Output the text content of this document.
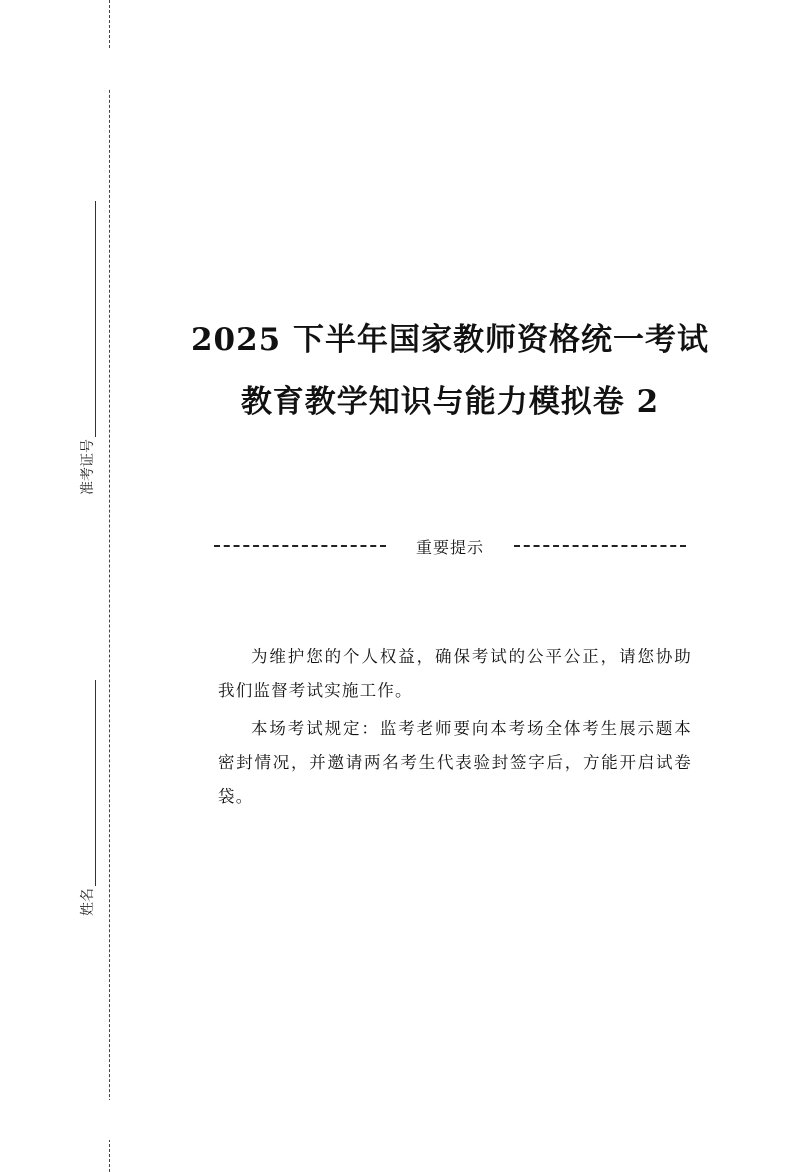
准考证号
姓名
2025 下半年国家教师资格统一考试
教育教学知识与能力模拟卷 2
重要提示

为维护您的个人权益，确保考试的公平公正，请您协助我们监督考试实施工作。

本场考试规定：监考老师要向本考场全体考生展示题本密封情况，并邀请两名考生代表验封签字后，方能开启试卷袋。
